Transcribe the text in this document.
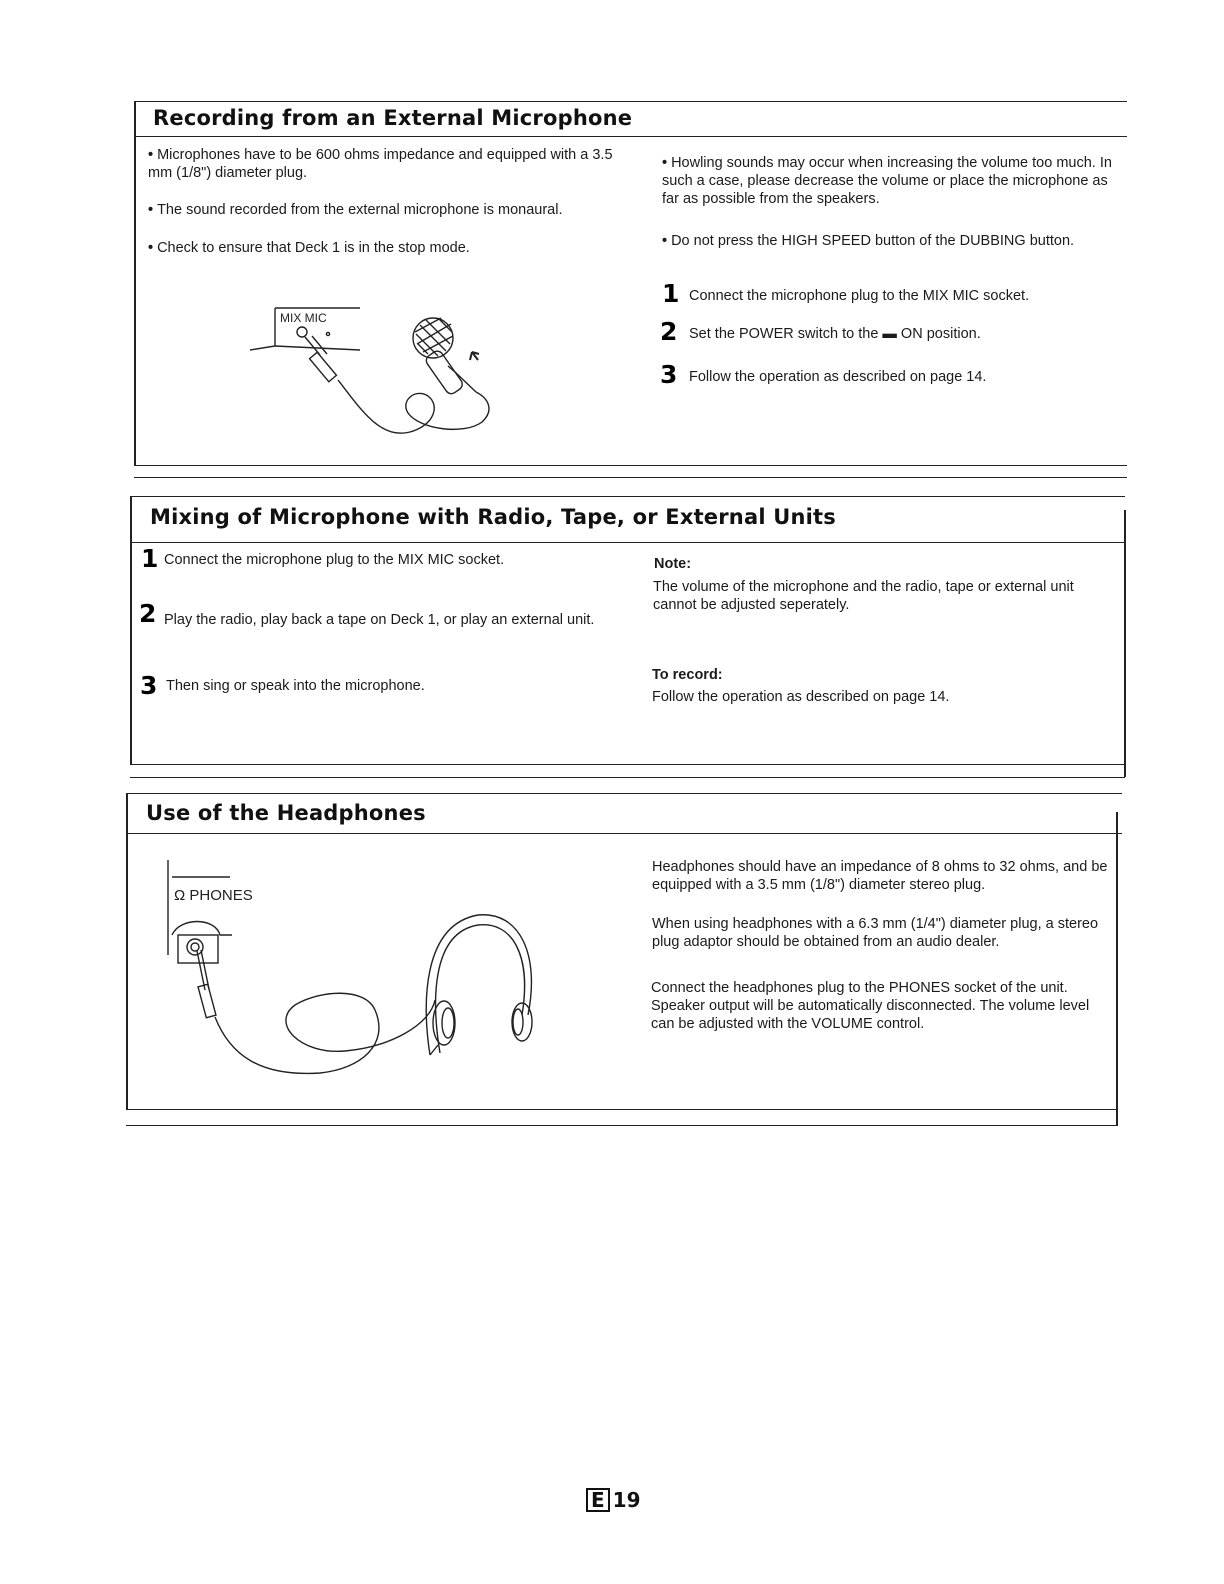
Recording from an External Microphone
• Microphones have to be 600 ohms impedance and equipped with a 3.5 mm (1/8") diameter plug.
• The sound recorded from the external microphone is monaural.
• Check to ensure that Deck 1 is in the stop mode.
• Howling sounds may occur when increasing the volume too much. In such a case, please decrease the volume or place the microphone as far as possible from the speakers.
• Do not press the HIGH SPEED button of the DUBBING button.
1 Connect the microphone plug to the MIX MIC socket.
2 Set the POWER switch to the ▬ ON position.
3 Follow the operation as described on page 14.
MIX MIC
Mixing of Microphone with Radio, Tape, or External Units
1 Connect the microphone plug to the MIX MIC socket.
2 Play the radio, play back a tape on Deck 1, or play an external unit.
3 Then sing or speak into the microphone.
Note:
The volume of the microphone and the radio, tape or external unit cannot be adjusted seperately.
To record:
Follow the operation as described on page 14.
Use of the Headphones
Headphones should have an impedance of 8 ohms to 32 ohms, and be equipped with a 3.5 mm (1/8") diameter stereo plug.
When using headphones with a 6.3 mm (1/4") diameter plug, a stereo plug adaptor should be obtained from an audio dealer.
Connect the headphones plug to the PHONES socket of the unit. Speaker output will be automatically disconnected. The volume level can be adjusted with the VOLUME control.
Ω PHONES
E 19
